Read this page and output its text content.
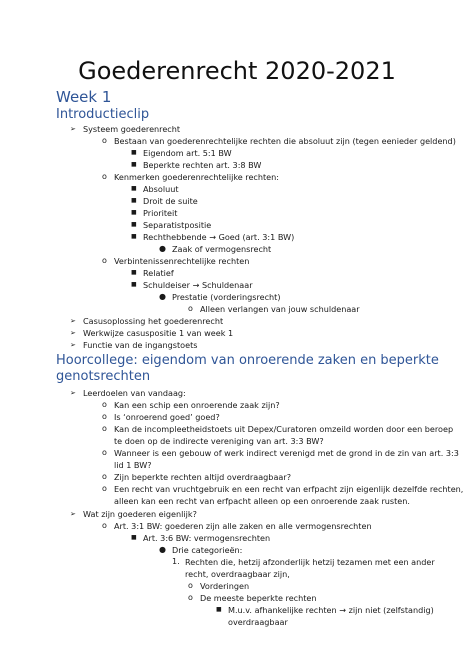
Goederenrecht 2020-2021
Week 1
Introductieclip
➢ Systeem goederenrecht
o Bestaan van goederenrechtelijke rechten die absoluut zijn (tegen eenieder geldend)
■ Eigendom art. 5:1 BW
■ Beperkte rechten art. 3:8 BW
o Kenmerken goederenrechtelijke rechten:
■ Absoluut
■ Droit de suite
■ Prioriteit
■ Separatistpositie
■ Rechthebbende → Goed (art. 3:1 BW)
● Zaak of vermogensrecht
o Verbintenissenrechtelijke rechten
■ Relatief
■ Schuldeiser → Schuldenaar
● Prestatie (vorderingsrecht)
o Alleen verlangen van jouw schuldenaar
➢ Casusoplossing het goederenrecht
➢ Werkwijze casuspositie 1 van week 1
➢ Functie van de ingangstoets
Hoorcollege: eigendom van onroerende zaken en beperkte
genotsrechten
➢ Leerdoelen van vandaag:
o Kan een schip een onroerende zaak zijn?
o Is ‘onroerend goed’ goed?
o Kan de incompleetheidstoets uit Depex/Curatoren omzeild worden door een beroep
te doen op de indirecte vereniging van art. 3:3 BW?
o Wanneer is een gebouw of werk indirect verenigd met de grond in de zin van art. 3:3
lid 1 BW?
o Zijn beperkte rechten altijd overdraagbaar?
o Een recht van vruchtgebruik en een recht van erfpacht zijn eigenlijk dezelfde rechten,
alleen kan een recht van erfpacht alleen op een onroerende zaak rusten.
➢ Wat zijn goederen eigenlijk?
o Art. 3:1 BW: goederen zijn alle zaken en alle vermogensrechten
■ Art. 3:6 BW: vermogensrechten
● Drie categorieën:
1. Rechten die, hetzij afzonderlijk hetzij tezamen met een ander
recht, overdraagbaar zijn,
o Vorderingen
o De meeste beperkte rechten
■ M.u.v. afhankelijke rechten → zijn niet (zelfstandig)
overdraagbaar
